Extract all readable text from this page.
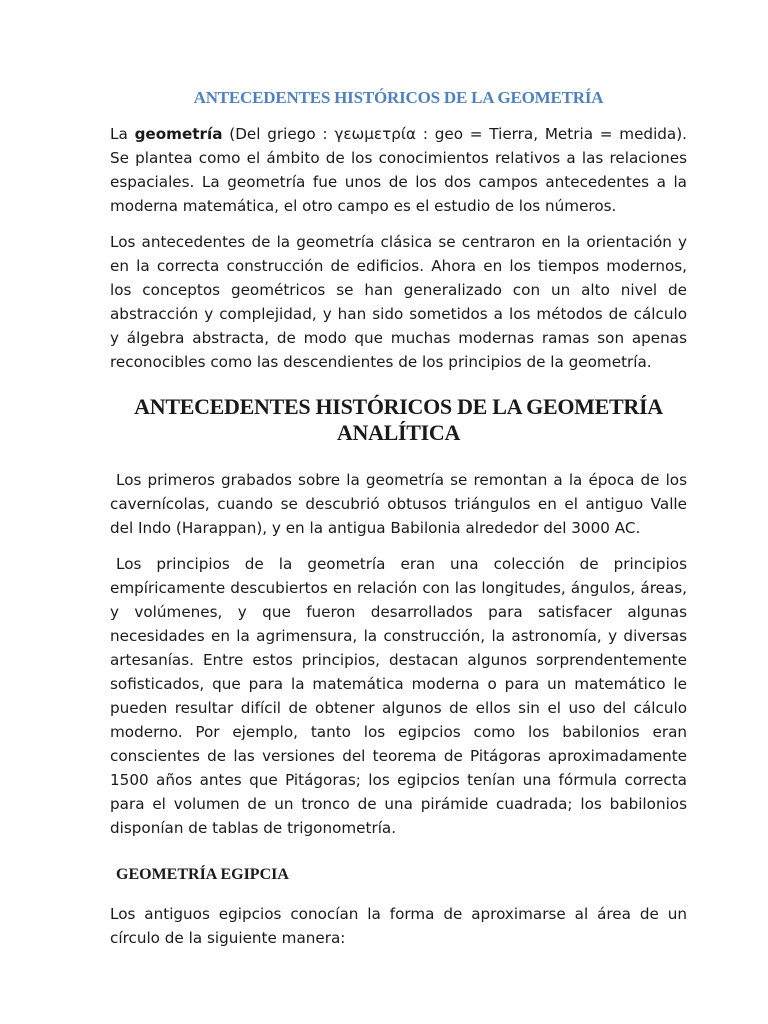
ANTECEDENTES HISTÓRICOS DE LA GEOMETRÍA

La geometría (Del griego : γεωμετρία : geo = Tierra, Metria = medida). Se plantea como el ámbito de los conocimientos relativos a las relaciones espaciales. La geometría fue unos de los dos campos antecedentes a la moderna matemática, el otro campo es el estudio de los números.

Los antecedentes de la geometría clásica se centraron en la orientación y en la correcta construcción de edificios. Ahora en los tiempos modernos, los conceptos geométricos se han generalizado con un alto nivel de abstracción y complejidad, y han sido sometidos a los métodos de cálculo y álgebra abstracta, de modo que muchas modernas ramas son apenas reconocibles como las descendientes de los principios de la geometría.

ANTECEDENTES HISTÓRICOS DE LA GEOMETRÍA
ANALÍTICA

Los primeros grabados sobre la geometría se remontan a la época de los cavernícolas, cuando se descubrió obtusos triángulos en el antiguo Valle del Indo (Harappan), y en la antigua Babilonia alrededor del 3000 AC.

Los principios de la geometría eran una colección de principios empíricamente descubiertos en relación con las longitudes, ángulos, áreas, y volúmenes, y que fueron desarrollados para satisfacer algunas necesidades en la agrimensura, la construcción, la astronomía, y diversas artesanías. Entre estos principios, destacan algunos sorprendentemente sofisticados, que para la matemática moderna o para un matemático le pueden resultar difícil de obtener algunos de ellos sin el uso del cálculo moderno. Por ejemplo, tanto los egipcios como los babilonios eran conscientes de las versiones del teorema de Pitágoras aproximadamente 1500 años antes que Pitágoras; los egipcios tenían una fórmula correcta para el volumen de un tronco de una pirámide cuadrada; los babilonios disponían de tablas de trigonometría.

GEOMETRÍA EGIPCIA

Los antiguos egipcios conocían la forma de aproximarse al área de un círculo de la siguiente manera:
